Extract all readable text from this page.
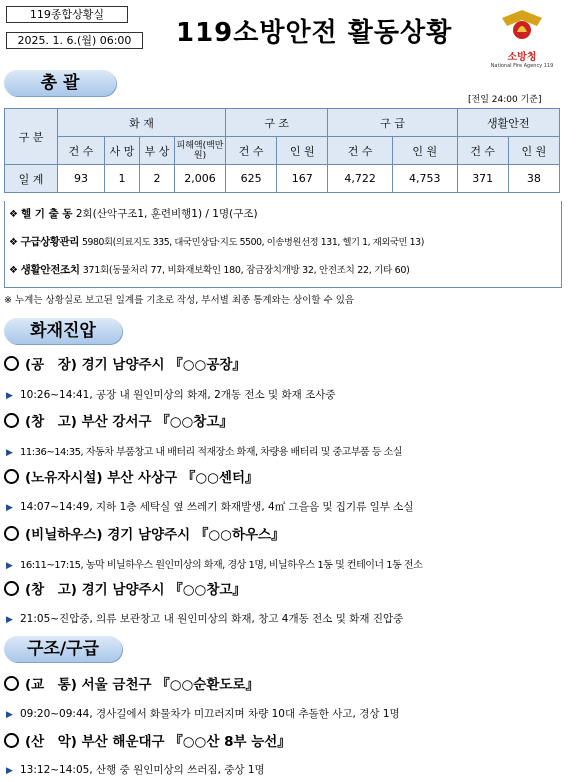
119종합상황실
2025. 1. 6.(월) 06:00	119소방안전 활동상황
소방청
National Fire Agency 119
총 괄
[전일 24:00 기준]
구 분	화 재				구 조		구 급		생활안전	
	건 수	사 망	부 상	피해액(백만원)	건 수	인 원	건 수	인 원	건 수	인 원
일 계	93	1	2	2,006	625	167	4,722	4,753	371	38
❖ 헬 기 출 동 2회(산악구조1, 훈련비행1) / 1명(구조)
❖ 구급상황관리 5980회(의료지도 335, 대국민상담·지도 5500, 이송병원선정 131, 헬기 1, 재외국민 13)
❖ 생활안전조치 371회(동물처리 77, 비화재보확인 180, 잠금장치개방 32, 안전조치 22, 기타 60)
※ 누계는 상황실로 보고된 일계를 기초로 작성, 부서별 최종 통계와는 상이할 수 있음
화재진압
(공　장) 경기 남양주시 『○○공장』
▶ 10:26~14:41, 공장 내 원인미상의 화재, 2개동 전소 및 화재 조사중
(창　고) 부산 강서구 『○○창고』
▶ 11:36~14:35, 자동차 부품창고 내 배터리 적재장소 화재, 차량용 배터리 및 중고부품 등 소실
(노유자시설) 부산 사상구 『○○센터』
▶ 14:07~14:49, 지하 1층 세탁실 옆 쓰레기 화재발생, 4㎡ 그을음 및 집기류 일부 소실
(비닐하우스) 경기 남양주시 『○○하우스』
▶ 16:11~17:15, 농막 비닐하우스 원인미상의 화재, 경상 1명, 비닐하우스 1동 및 컨테이너 1동 전소
(창　고) 경기 남양주시 『○○창고』
▶ 21:05~진압중, 의류 보관창고 내 원인미상의 화재, 창고 4개동 전소 및 화재 진압중
구조/구급
(교　통) 서울 금천구 『○○순환도로』
▶ 09:20~09:44, 경사길에서 화물차가 미끄러지며 차량 10대 추돌한 사고, 경상 1명
(산　악) 부산 해운대구 『○○산 8부 능선』
▶ 13:12~14:05, 산행 중 원인미상의 쓰러짐, 중상 1명
